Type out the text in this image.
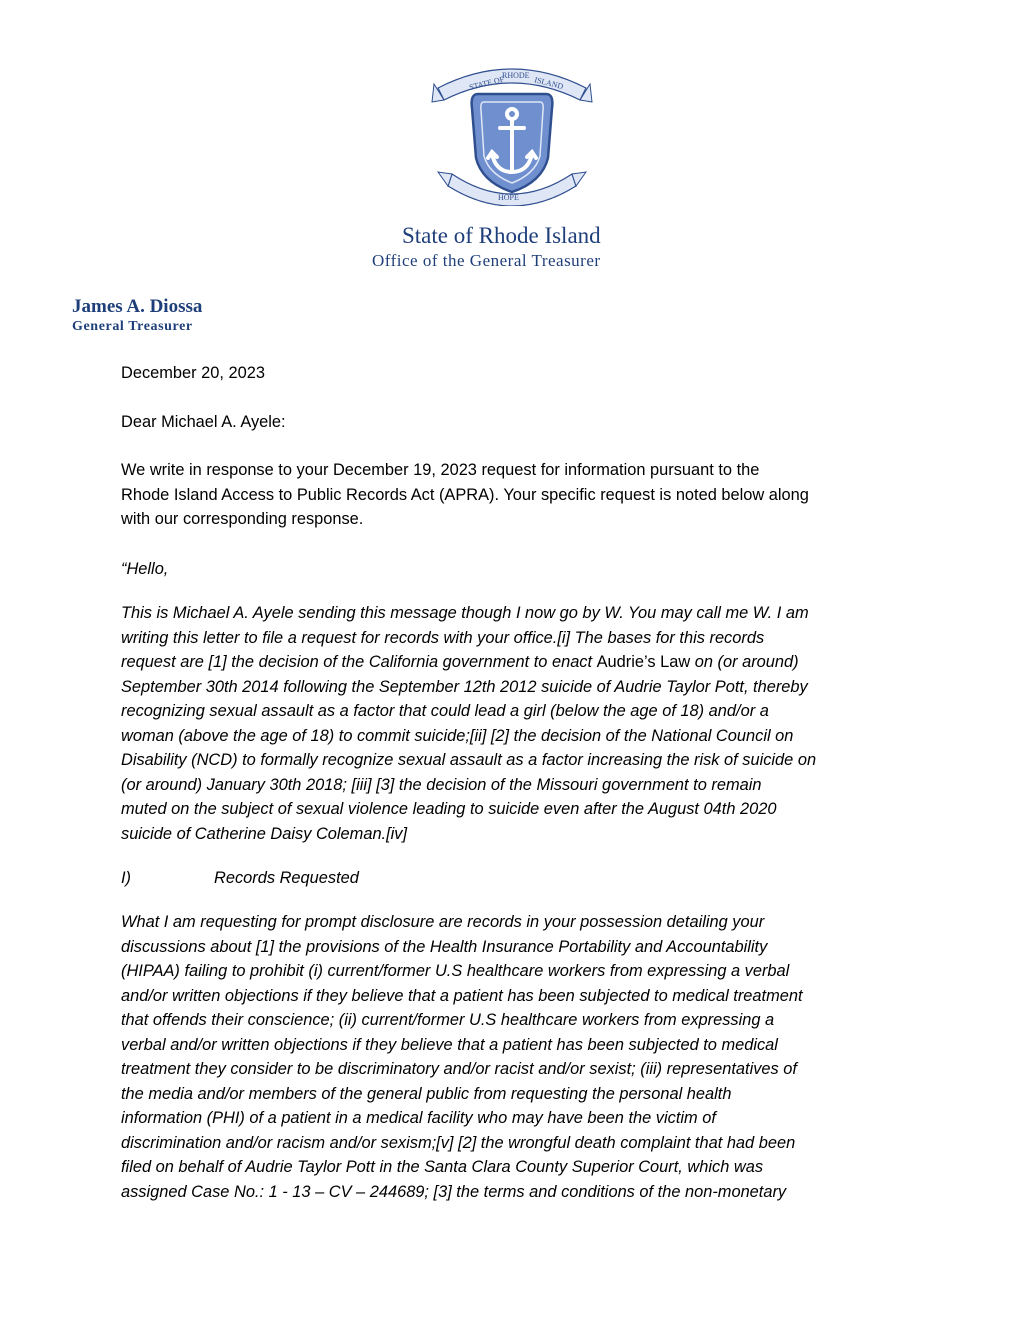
STATE OF
RHODE ISLAND
HOPE
State of Rhode Island
Office of the General Treasurer
James A. Diossa
General Treasurer

December 20, 2023

Dear Michael A. Ayele:

We write in response to your December 19, 2023 request for information pursuant to the
Rhode Island Access to Public Records Act (APRA). Your specific request is noted below along
with our corresponding response.

“Hello,

This is Michael A. Ayele sending this message though I now go by W. You may call me W. I am
writing this letter to file a request for records with your office.[i] The bases for this records
request are [1] the decision of the California government to enact Audrie’s Law on (or around)
September 30th 2014 following the September 12th 2012 suicide of Audrie Taylor Pott, thereby
recognizing sexual assault as a factor that could lead a girl (below the age of 18) and/or a
woman (above the age of 18) to commit suicide;[ii] [2] the decision of the National Council on
Disability (NCD) to formally recognize sexual assault as a factor increasing the risk of suicide on
(or around) January 30th 2018; [iii] [3] the decision of the Missouri government to remain
muted on the subject of sexual violence leading to suicide even after the August 04th 2020
suicide of Catherine Daisy Coleman.[iv]

I)	Records Requested

What I am requesting for prompt disclosure are records in your possession detailing your
discussions about [1] the provisions of the Health Insurance Portability and Accountability
(HIPAA) failing to prohibit (i) current/former U.S healthcare workers from expressing a verbal
and/or written objections if they believe that a patient has been subjected to medical treatment
that offends their conscience; (ii) current/former U.S healthcare workers from expressing a
verbal and/or written objections if they believe that a patient has been subjected to medical
treatment they consider to be discriminatory and/or racist and/or sexist; (iii) representatives of
the media and/or members of the general public from requesting the personal health
information (PHI) of a patient in a medical facility who may have been the victim of
discrimination and/or racism and/or sexism;[v] [2] the wrongful death complaint that had been
filed on behalf of Audrie Taylor Pott in the Santa Clara County Superior Court, which was
assigned Case No.: 1 - 13 – CV – 244689; [3] the terms and conditions of the non-monetary
